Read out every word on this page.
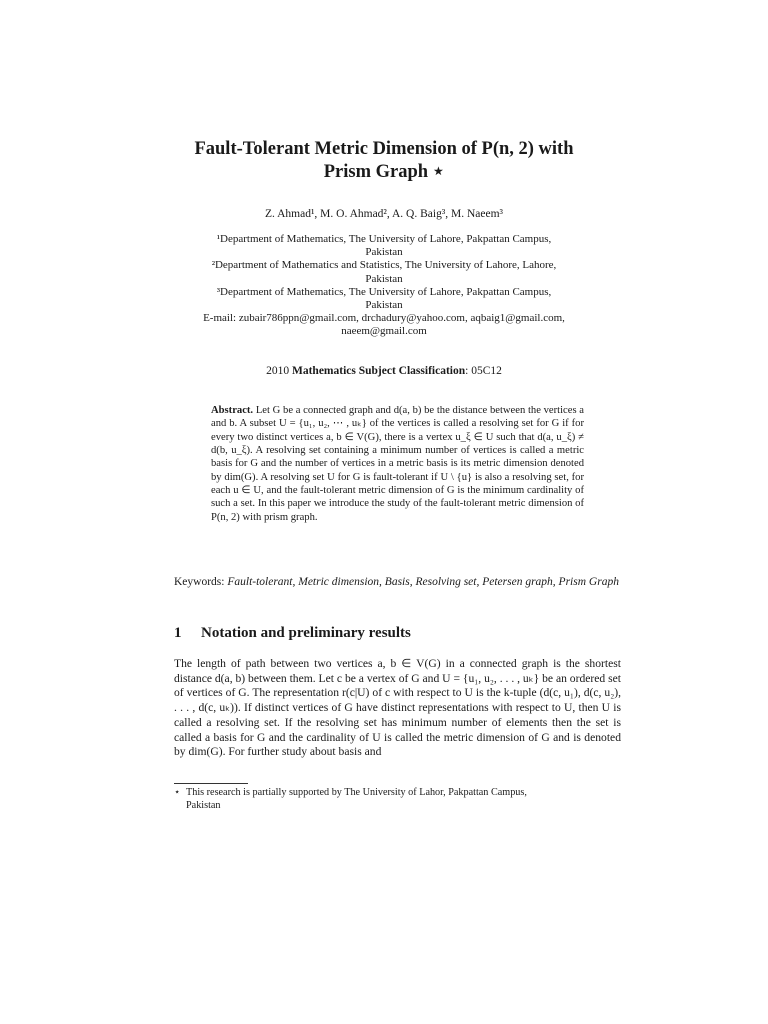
Fault-Tolerant Metric Dimension of P(n, 2) with
Prism Graph ⋆
Z. Ahmad¹, M. O. Ahmad², A. Q. Baig³, M. Naeem³
¹Department of Mathematics, The University of Lahore, Pakpattan Campus,
Pakistan
²Department of Mathematics and Statistics, The University of Lahore, Lahore,
Pakistan
³Department of Mathematics, The University of Lahore, Pakpattan Campus,
Pakistan
E-mail: zubair786ppn@gmail.com, drchadury@yahoo.com, aqbaig1@gmail.com,
naeem@gmail.com
2010 Mathematics Subject Classification: 05C12
Abstract. Let G be a connected graph and d(a, b) be the distance between the vertices a and b. A subset U = {u₁, u₂, ⋯ , uₖ} of the vertices is called a resolving set for G if for every two distinct vertices a, b ∈ V(G), there is a vertex u_ξ ∈ U such that d(a, u_ξ) ≠ d(b, u_ξ). A resolving set containing a minimum number of vertices is called a metric basis for G and the number of vertices in a metric basis is its metric dimension denoted by dim(G). A resolving set U for G is fault-tolerant if U \ {u} is also a resolving set, for each u ∈ U, and the fault-tolerant metric dimension of G is the minimum cardinality of such a set. In this paper we introduce the study of the fault-tolerant metric dimension of P(n, 2) with prism graph.
Keywords: Fault-tolerant, Metric dimension, Basis, Resolving set, Petersen graph, Prism Graph
1 Notation and preliminary results
The length of path between two vertices a, b ∈ V(G) in a connected graph is the shortest distance d(a, b) between them. Let c be a vertex of G and U = {u₁, u₂, . . . , uₖ} be an ordered set of vertices of G. The representation r(c|U) of c with respect to U is the k-tuple (d(c, u₁), d(c, u₂), . . . , d(c, uₖ)). If distinct vertices of G have distinct representations with respect to U, then U is called a resolving set. If the resolving set has minimum number of elements then the set is called a basis for G and the cardinality of U is called the metric dimension of G and is denoted by dim(G). For further study about basis and
⋆ This research is partially supported by The University of Lahor, Pakpattan Campus,
Pakistan
